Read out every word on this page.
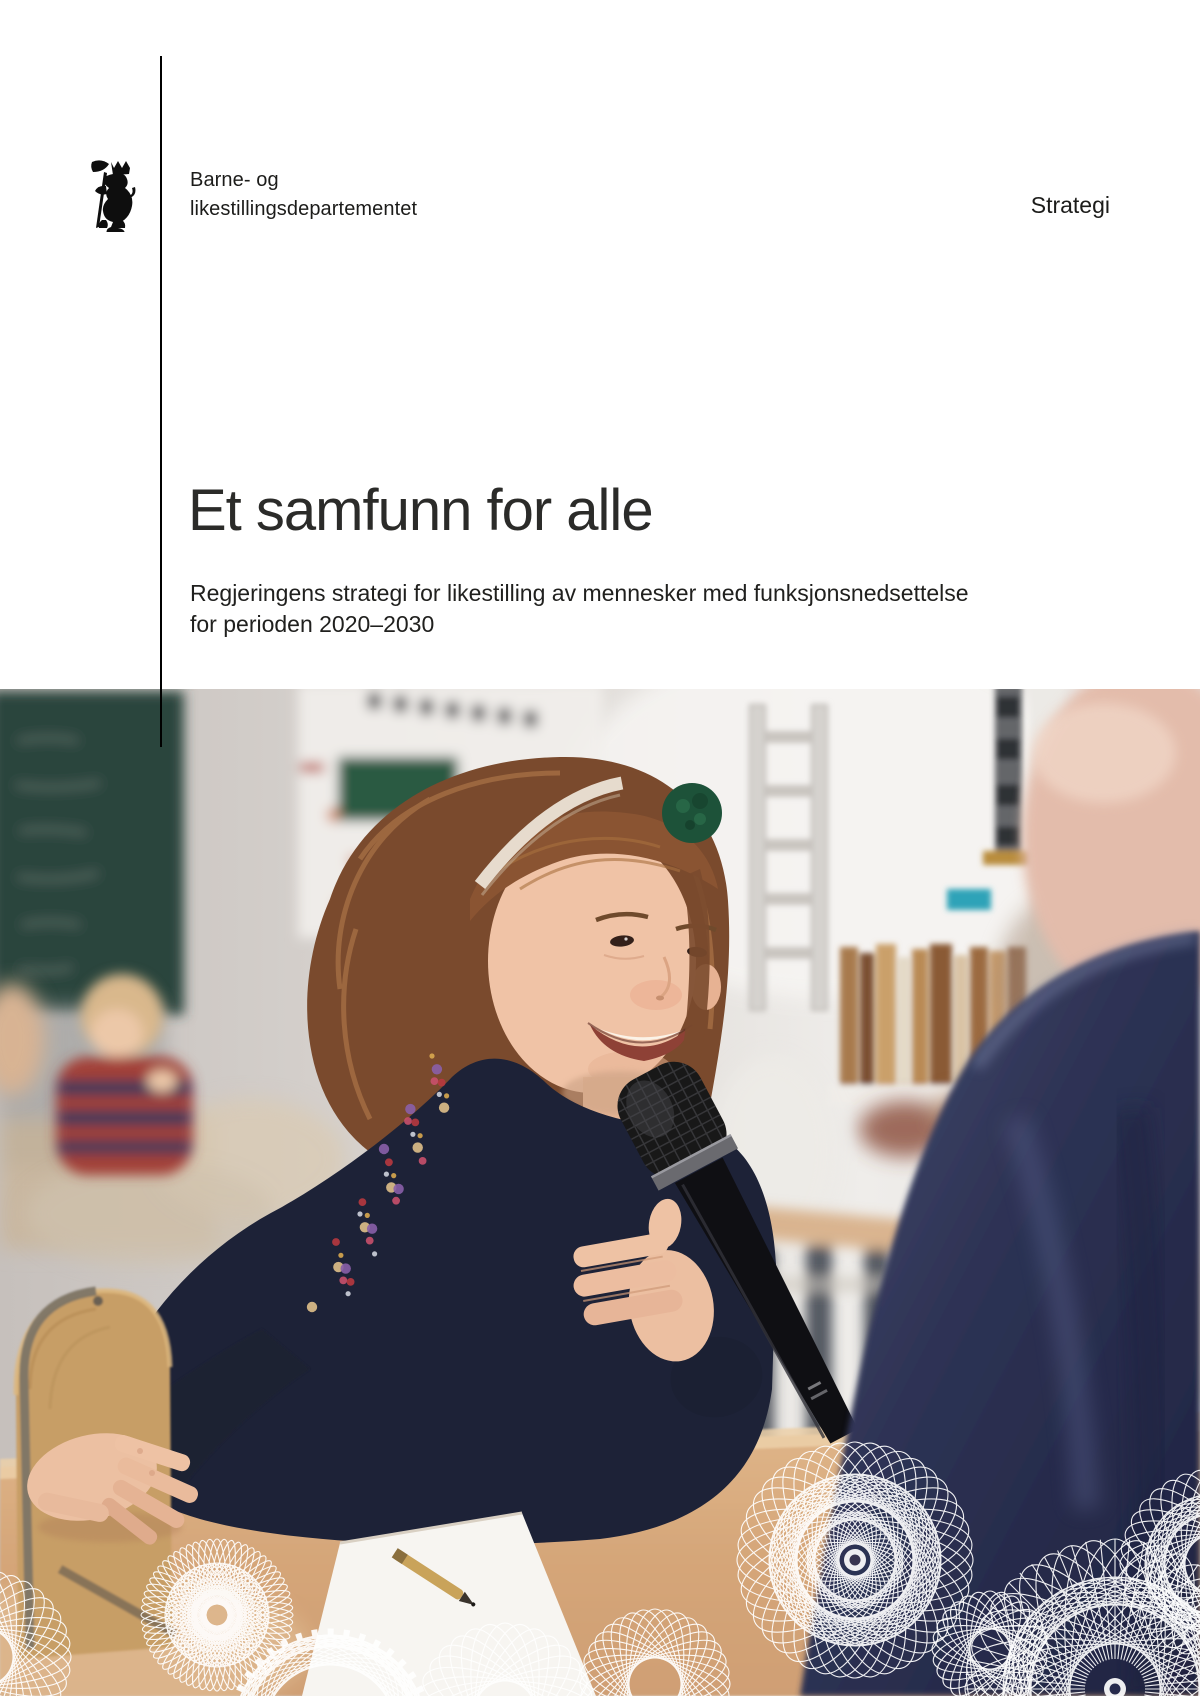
Barne- og
likestillingsdepartementet	Strategi
Et samfunn for alle

Regjeringens strategi for likestilling av mennesker med funksjonsnedsettelse
for perioden 2020–2030
